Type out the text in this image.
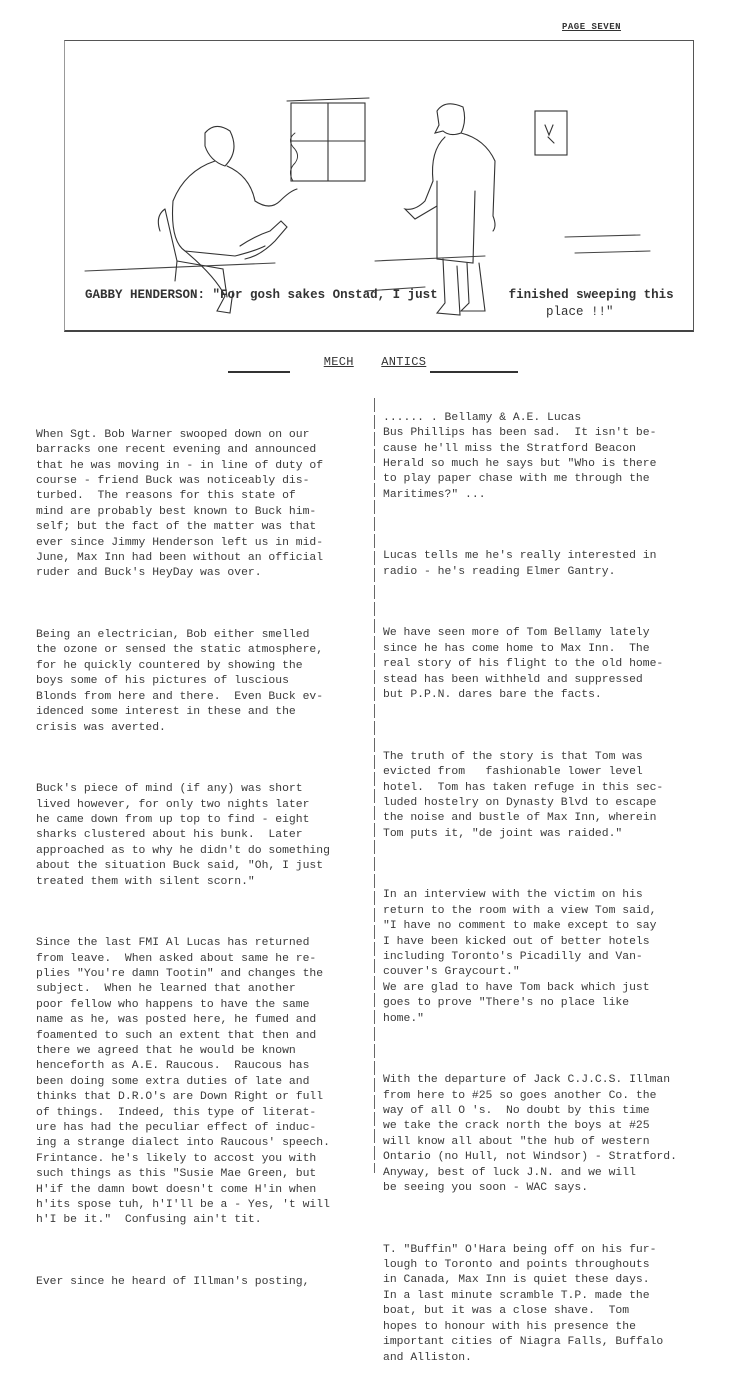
PAGE SEVEN
GABBY HENDERSON: "For gosh sakes Onstad, I just	finished sweeping this
place !!"
MECH ANTICS

When Sgt. Bob Warner swooped down on our
barracks one recent evening and announced
that he was moving in - in line of duty of
course - friend Buck was noticeably dis-
turbed.  The reasons for this state of
mind are probably best known to Buck him-
self; but the fact of the matter was that
ever since Jimmy Henderson left us in mid-
June, Max Inn had been without an official
ruder and Buck's HeyDay was over.

Being an electrician, Bob either smelled
the ozone or sensed the static atmosphere,
for he quickly countered by showing the
boys some of his pictures of luscious
Blonds from here and there.  Even Buck ev-
idenced some interest in these and the
crisis was averted.

Buck's piece of mind (if any) was short
lived however, for only two nights later
he came down from up top to find - eight
sharks clustered about his bunk.  Later
approached as to why he didn't do something
about the situation Buck said, "Oh, I just
treated them with silent scorn."

Since the last FMI Al Lucas has returned
from leave.  When asked about same he re-
plies "You're damn Tootin" and changes the
subject.  When he learned that another
poor fellow who happens to have the same
name as he, was posted here, he fumed and
foamented to such an extent that then and
there we agreed that he would be known
henceforth as A.E. Raucous.  Raucous has
been doing some extra duties of late and
thinks that D.R.O's are Down Right or full
of things.  Indeed, this type of literat-
ure has had the peculiar effect of induc-
ing a strange dialect into Raucous' speech.
Frintance. he's likely to accost you with
such things as this "Susie Mae Green, but
H'if the damn bowt doesn't come H'in when
h'its spose tuh, h'I'll be a - Yes, 't will
h'I be it."  Confusing ain't tit.

Ever since he heard of Illman's posting,

...... . Bellamy & A.E. Lucas
Bus Phillips has been sad.  It isn't be-
cause he'll miss the Stratford Beacon
Herald so much he says but "Who is there
to play paper chase with me through the
Maritimes?" ...

Lucas tells me he's really interested in
radio - he's reading Elmer Gantry.

We have seen more of Tom Bellamy lately
since he has come home to Max Inn.  The
real story of his flight to the old home-
stead has been withheld and suppressed
but P.P.N. dares bare the facts.

The truth of the story is that Tom was
evicted from   fashionable lower level
hotel.  Tom has taken refuge in this sec-
luded hostelry on Dynasty Blvd to escape
the noise and bustle of Max Inn, wherein
Tom puts it, "de joint was raided."

In an interview with the victim on his
return to the room with a view Tom said,
"I have no comment to make except to say
I have been kicked out of better hotels
including Toronto's Picadilly and Van-
couver's Graycourt."
We are glad to have Tom back which just
goes to prove "There's no place like
home."

With the departure of Jack C.J.C.S. Illman
from here to #25 so goes another Co. the
way of all O 's.  No doubt by this time
we take the crack north the boys at #25
will know all about "the hub of western
Ontario (no Hull, not Windsor) - Stratford.
Anyway, best of luck J.N. and we will
be seeing you soon - WAC says.

T. "Buffin" O'Hara being off on his fur-
lough to Toronto and points throughouts
in Canada, Max Inn is quiet these days.
In a last minute scramble T.P. made the
boat, but it was a close shave.  Tom
hopes to honour with his presence the
important cities of Niagra Falls, Buffalo
and Alliston.
